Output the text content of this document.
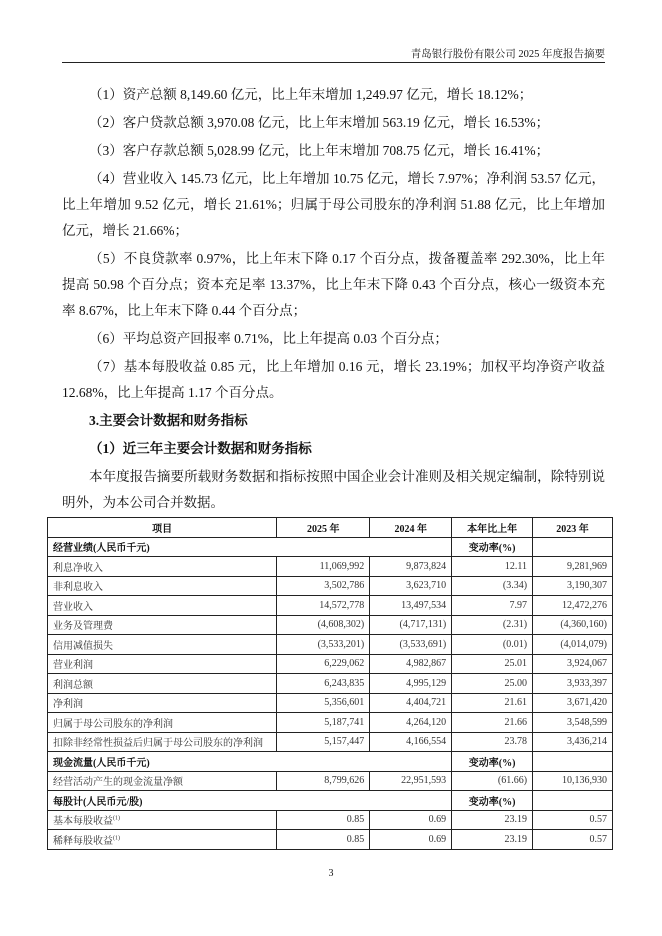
青岛银行股份有限公司 2025 年度报告摘要
（1）资产总额 8,149.60 亿元，比上年末增加 1,249.97 亿元，增长 18.12%；
（2）客户贷款总额 3,970.08 亿元，比上年末增加 563.19 亿元，增长 16.53%；
（3）客户存款总额 5,028.99 亿元，比上年末增加 708.75 亿元，增长 16.41%；
（4）营业收入 145.73 亿元，比上年增加 10.75 亿元，增长 7.97%；净利润 53.57 亿元，
比上年增加 9.52 亿元，增长 21.61%；归属于母公司股东的净利润 51.88 亿元，比上年增加
亿元，增长 21.66%；
（5）不良贷款率 0.97%，比上年末下降 0.17 个百分点，拨备覆盖率 292.30%，比上年
提高 50.98 个百分点；资本充足率 13.37%，比上年末下降 0.43 个百分点，核心一级资本充
率 8.67%，比上年末下降 0.44 个百分点；
（6）平均总资产回报率 0.71%，比上年提高 0.03 个百分点；
（7）基本每股收益 0.85 元，比上年增加 0.16 元，增长 23.19%；加权平均净资产收益
12.68%，比上年提高 1.17 个百分点。
3.主要会计数据和财务指标
（1）近三年主要会计数据和财务指标
本年度报告摘要所载财务数据和指标按照中国企业会计准则及相关规定编制，除特别说
明外，为本公司合并数据。
项目	2025 年	2024 年	本年比上年	2023 年
经营业绩(人民币千元)			变动率(%)	
利息净收入	11,069,992	9,873,824	12.11	9,281,969
非利息收入	3,502,786	3,623,710	(3.34)	3,190,307
营业收入	14,572,778	13,497,534	7.97	12,472,276
业务及管理费	(4,608,302)	(4,717,131)	(2.31)	(4,360,160)
信用减值损失	(3,533,201)	(3,533,691)	(0.01)	(4,014,079)
营业利润	6,229,062	4,982,867	25.01	3,924,067
利润总额	6,243,835	4,995,129	25.00	3,933,397
净利润	5,356,601	4,404,721	21.61	3,671,420
归属于母公司股东的净利润	5,187,741	4,264,120	21.66	3,548,599
扣除非经常性损益后归属于母公司股东的净利润	5,157,447	4,166,554	23.78	3,436,214
现金流量(人民币千元)			变动率(%)	
经营活动产生的现金流量净额	8,799,626	22,951,593	(61.66)	10,136,930
每股计(人民币元/股)			变动率(%)	
基本每股收益$^{(1)}$	0.85	0.69	23.19	0.57
稀释每股收益$^{(1)}$	0.85	0.69	23.19	0.57
3
